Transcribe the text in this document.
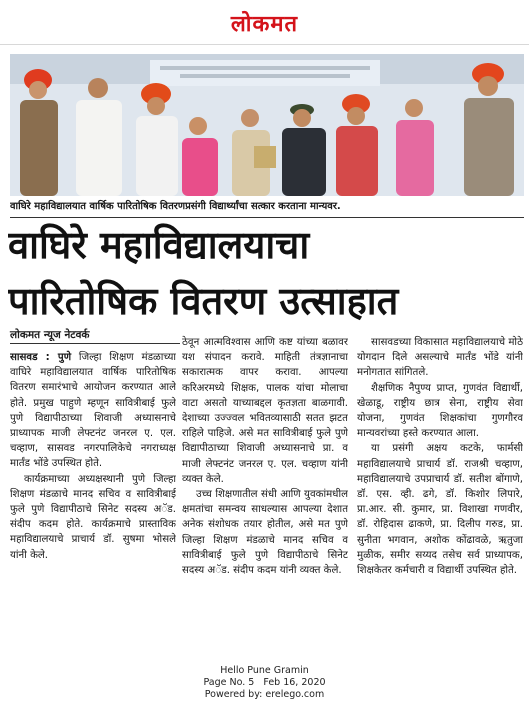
लोकमत
वाघिरे महाविद्यालयात वार्षिक पारितोषिक वितरणप्रसंगी विद्यार्थ्यांचा सत्कार करताना मान्यवर.
वाघिरे महाविद्यालयाचा
पारितोषिक वितरण उत्साहात
लोकमत न्यूज नेटवर्क

सासवड : पुणे जिल्हा शिक्षण मंडळाच्या वाघिरे महाविद्यालयात वार्षिक पारितोषिक वितरण समारंभाचे आयोजन करण्यात आले होते. प्रमुख पाहुणे म्हणून सावित्रीबाई फुले पुणे विद्यापीठाच्या शिवाजी अध्यासनाचे प्राध्यापक माजी लेफ्टनंट जनरल ए. एल. चव्हाण, सासवड नगरपालिकेचे नगराध्यक्ष मार्तंड भोंडे उपस्थित होते.

कार्यक्रमाच्या अध्यक्षस्थानी पुणे जिल्हा शिक्षण मंडळाचे मानद सचिव व सावित्रीबाई फुले पुणे विद्यापीठाचे सिनेट सदस्य अॅड. संदीप कदम होते. कार्यक्रमाचे प्रास्ताविक महाविद्यालयाचे प्राचार्य डॉ. सुषमा भोसले यांनी केले.

ठेवून आत्मविश्वास आणि कष्ट यांच्या बळावर यश संपादन करावे. माहिती तंत्रज्ञानाचा सकारात्मक वापर करावा. आपल्या करिअरमध्ये शिक्षक, पालक यांचा मोलाचा वाटा असतो याच्याबद्दल कृतज्ञता बाळगावी. देशाच्या उज्ज्वल भवितव्यासाठी सतत झटत राहिले पाहिजे. असे मत सावित्रीबाई फुले पुणे विद्यापीठाच्या शिवाजी अध्यासनाचे प्रा. व माजी लेफ्टनंट जनरल ए. एल. चव्हाण यांनी व्यक्त केले.

उच्च शिक्षणातील संधी आणि युवकांमधील क्षमतांचा समन्वय साधल्यास आपल्या देशात अनेक संशोधक तयार होतील, असे मत पुणे जिल्हा शिक्षण मंडळाचे मानद सचिव व सावित्रीबाई फुले पुणे विद्यापीठाचे सिनेट सदस्य अॅड. संदीप कदम यांनी व्यक्त केले.

सासवडच्या विकासात महाविद्यालयाचे मोठे योगदान दिले असल्याचे मार्तंड भोंडे यांनी मनोगतात सांगितले.

शैक्षणिक नैपुण्य प्राप्त, गुणवंत विद्यार्थी, खेळाडू, राष्ट्रीय छात्र सेना, राष्ट्रीय सेवा योजना, गुणवंत शिक्षकांचा गुणगौरव मान्यवरांच्या हस्ते करण्यात आला.

या प्रसंगी अक्षय कटके, फार्मसी महाविद्यालयाचे प्राचार्य डॉ. राजश्री चव्हाण, महाविद्यालयाचे उपप्राचार्य डॉ. सतीश बोंगाणे, डॉ. एस. व्ही. ढगे, डॉ. किशोर लिपारे, प्रा.आर. सी. कुमार, प्रा. विशाखा गणवीर, डॉ. रोहिदास ढाकणे, प्रा. दिलीप गरुड, प्रा. सुनीता भगवान, अशोक कोंढावळे, ऋतुजा मुळीक, समीर सय्यद तसेच सर्व प्राध्यापक, शिक्षकेतर कर्मचारी व विद्यार्थी उपस्थित होते.

Hello Pune Gramin
Page No. 5   Feb 16, 2020
Powered by: erelego.com
